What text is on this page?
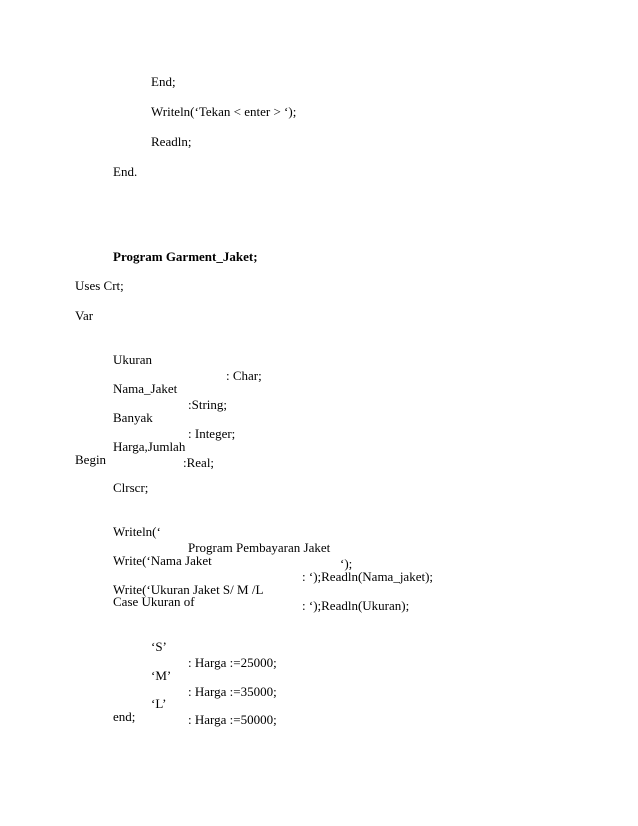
End;
Writeln(‘Tekan < enter > ‘);
Readln;
End.
Program Garment_Jaket;
Uses Crt;
Var

Ukuran

: Char;

Nama_Jaket

:String;

Banyak

: Integer;

Harga,Jumlah

:Real;

Begin
Clrscr;

Writeln(‘

Program Pembayaran Jaket

‘);

Write(‘Nama Jaket

: ‘);Readln(Nama_jaket);

Write(‘Ukuran Jaket S/ M /L

: ‘);Readln(Ukuran);

Case Ukuran of

‘S’

: Harga :=25000;

‘M’

: Harga :=35000;

‘L’

: Harga :=50000;

end;
